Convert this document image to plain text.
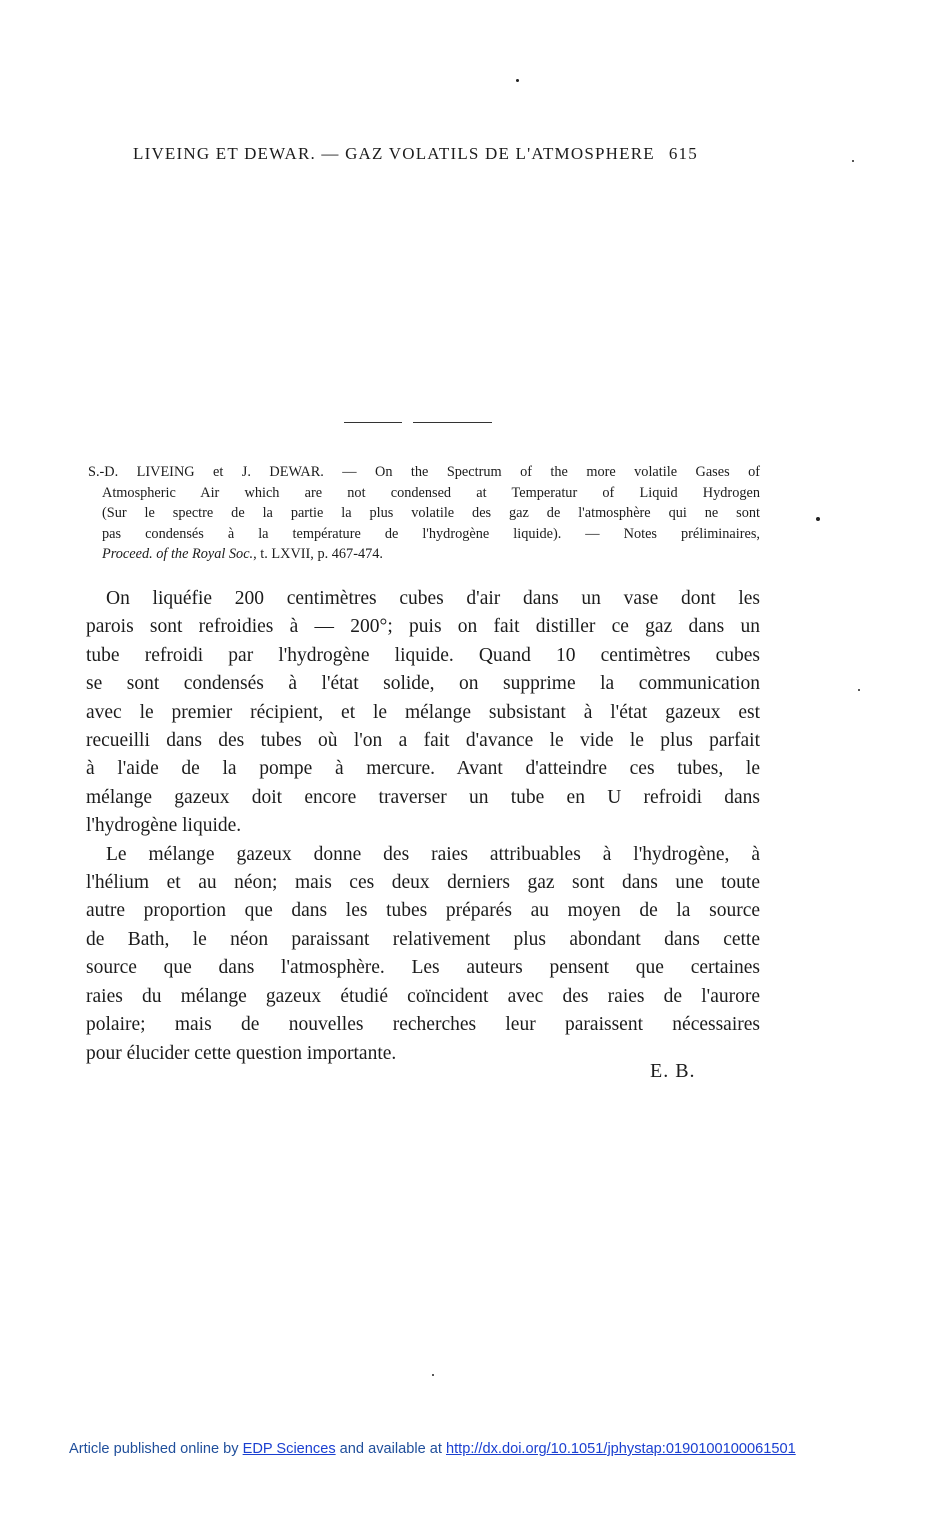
LIVEING ET DEWAR. — GAZ VOLATILS DE L'ATMOSPHERE 615
S.-D. LIVEING et J. DEWAR. — On the Spectrum of the more volatile Gases of
Atmospheric Air which are not condensed at Temperatur of Liquid Hydrogen
(Sur le spectre de la partie la plus volatile des gaz de l'atmosphère qui ne sont
pas condensés à la température de l'hydrogène liquide). — Notes préliminaires,
Proceed. of the Royal Soc., t. LXVII, p. 467-474.
On liquéfie 200 centimètres cubes d'air dans un vase dont les
parois sont refroidies à — 200°; puis on fait distiller ce gaz dans un
tube refroidi par l'hydrogène liquide. Quand 10 centimètres cubes
se sont condensés à l'état solide, on supprime la communication
avec le premier récipient, et le mélange subsistant à l'état gazeux est
recueilli dans des tubes où l'on a fait d'avance le vide le plus parfait
à l'aide de la pompe à mercure. Avant d'atteindre ces tubes, le
mélange gazeux doit encore traverser un tube en U refroidi dans
l'hydrogène liquide.
Le mélange gazeux donne des raies attribuables à l'hydrogène, à
l'hélium et au néon; mais ces deux derniers gaz sont dans une toute
autre proportion que dans les tubes préparés au moyen de la source
de Bath, le néon paraissant relativement plus abondant dans cette
source que dans l'atmosphère. Les auteurs pensent que certaines
raies du mélange gazeux étudié coïncident avec des raies de l'aurore
polaire; mais de nouvelles recherches leur paraissent nécessaires
pour élucider cette question importante.
E. B.
Article published online by EDP Sciences and available at http://dx.doi.org/10.1051/jphystap:0190100100061501
